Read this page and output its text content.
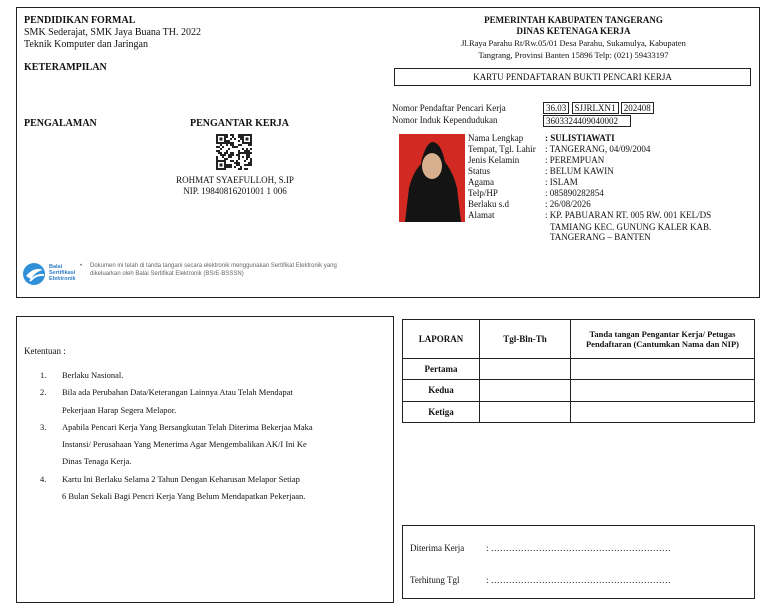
PENDIDIKAN FORMAL
SMK Sederajat, SMK Jaya Buana TH. 2022
Teknik Komputer dan Jaringan
KETERAMPILAN
PENGALAMAN	PENGANTAR KERJA
ROHMAT SYAEFULLOH, S.IP
NIP. 19840816201001 1 006
Balai
Sertifikasi
Elektronik
• Dokumen ini telah di tanda tangani secara elektronik menggunakan Sertifikat Elektronik yang
dikeluarkan oleh Balai Sertifikat Elektronik (BSrE-BSSSN)
PEMERINTAH KABUPATEN TANGERANG
DINAS KETENAGA KERJA
Jl.Raya Parahu Rt/Rw.05/01 Desa Parahu, Sukamulya, Kabupaten
Tangrang, Provinsi Banten 15896 Telp: (021) 59433197
KARTU PENDAFTARAN BUKTI PENCARI KERJA
Nomor Pendaftar Pencari Kerja	36.03 SJJRLXN1 202408
Nomor Induk Kependudukan	3603324409040002
Nama Lengkap	: SULISTIAWATI
Tempat, Tgl. Lahir	: TANGERANG, 04/09/2004
Jenis Kelamin	: PEREMPUAN
Status	: BELUM KAWIN
Agama	: ISLAM
Telp/HP	: 085890282854
Berlaku s.d	: 26/08/2026
Alamat	: KP. PABUARAN RT. 005 RW. 001 KEL/DS
TAMIANG KEC. GUNUNG KALER KAB.
TANGERANG – BANTEN
Ketentuan :
1.	Berlaku Nasional.
2.	Bila ada Perubahan Data/Keterangan Lainnya Atau Telah Mendapat
Pekerjaan Harap Segera Melapor.
3.	Apabila Pencari Kerja Yang Bersangkutan Telah Diterima Bekerjaa Maka
Instansi/ Perusahaan Yang Menerima Agar Mengembalikan AK/I Ini Ke
Dinas Tenaga Kerja.
4.	Kartu Ini Berlaku Selama 2 Tahun Dengan Keharusan Melapor Setiap
6 Bulan Sekali Bagi Pencri Kerja Yang Belum Mendapatkan Pekerjaan.
LAPORAN	Tgl-Bln-Th	Tanda tangan Pengantar Kerja/ Petugas Pendaftaran (Cantumkan Nama dan NIP)
Pertama		
Kedua		
Ketiga		
Diterima Kerja : ……………………………………………………
Terhitung Tgl	: ……………………………………………………
